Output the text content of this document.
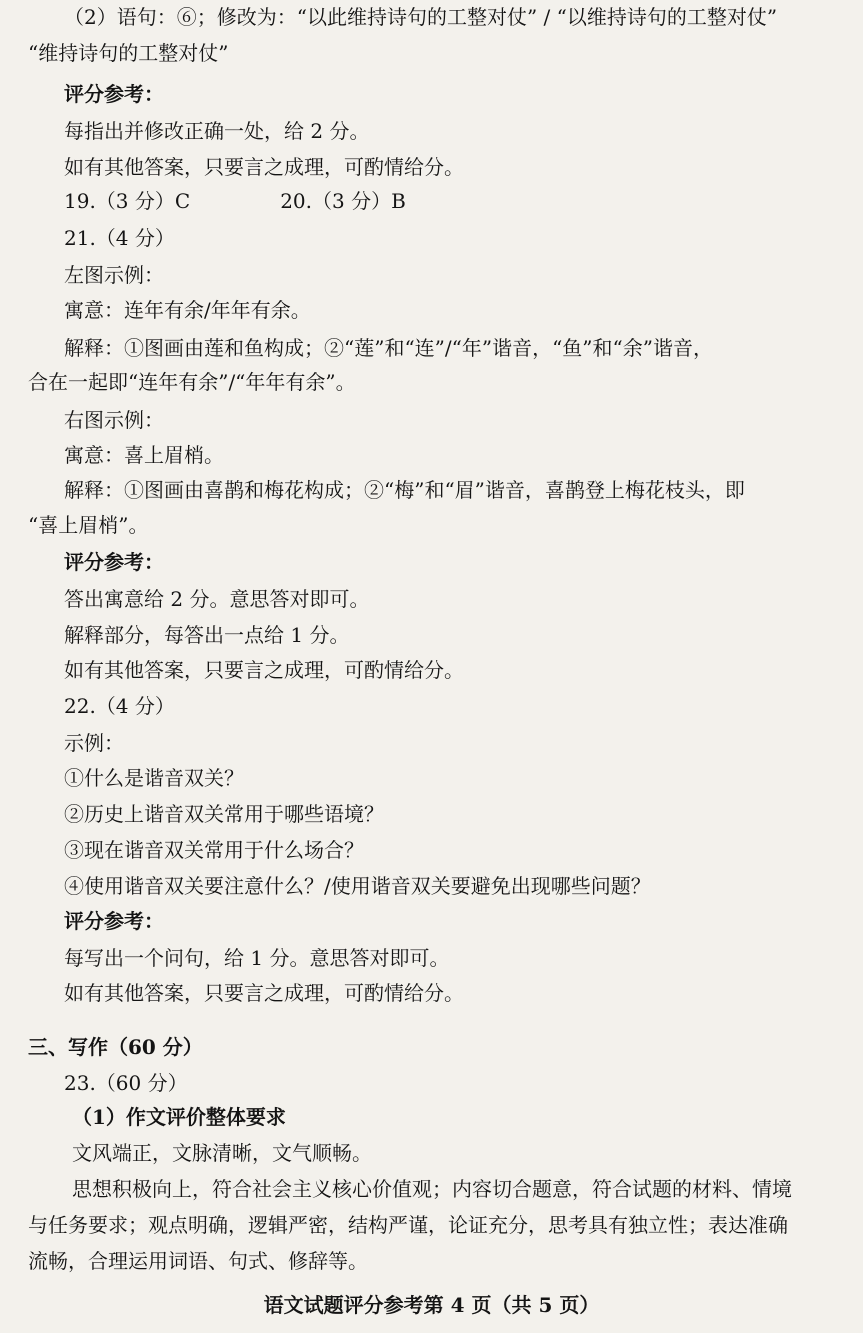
（2）语句：⑥；修改为：“以此维持诗句的工整对仗” / “以维持诗句的工整对仗”
“维持诗句的工整对仗”
评分参考：
每指出并修改正确一处，给 2 分。
如有其他答案，只要言之成理，可酌情给分。
19.（3 分）C	20.（3 分）B
21.（4 分）
左图示例：
寓意：连年有余/年年有余。
解释：①图画由莲和鱼构成；②“莲”和“连”/“年”谐音，“鱼”和“余”谐音，
合在一起即“连年有余”/“年年有余”。
右图示例：
寓意：喜上眉梢。
解释：①图画由喜鹊和梅花构成；②“梅”和“眉”谐音，喜鹊登上梅花枝头，即
“喜上眉梢”。
评分参考：
答出寓意给 2 分。意思答对即可。
解释部分，每答出一点给 1 分。
如有其他答案，只要言之成理，可酌情给分。
22.（4 分）
示例：
①什么是谐音双关？
②历史上谐音双关常用于哪些语境？
③现在谐音双关常用于什么场合？
④使用谐音双关要注意什么？/使用谐音双关要避免出现哪些问题？
评分参考：
每写出一个问句，给 1 分。意思答对即可。
如有其他答案，只要言之成理，可酌情给分。
三、写作（60 分）
23.（60 分）
（1）作文评价整体要求
文风端正，文脉清晰，文气顺畅。
思想积极向上，符合社会主义核心价值观；内容切合题意，符合试题的材料、情境
与任务要求；观点明确，逻辑严密，结构严谨，论证充分，思考具有独立性；表达准确
流畅，合理运用词语、句式、修辞等。
语文试题评分参考第 4 页（共 5 页）
